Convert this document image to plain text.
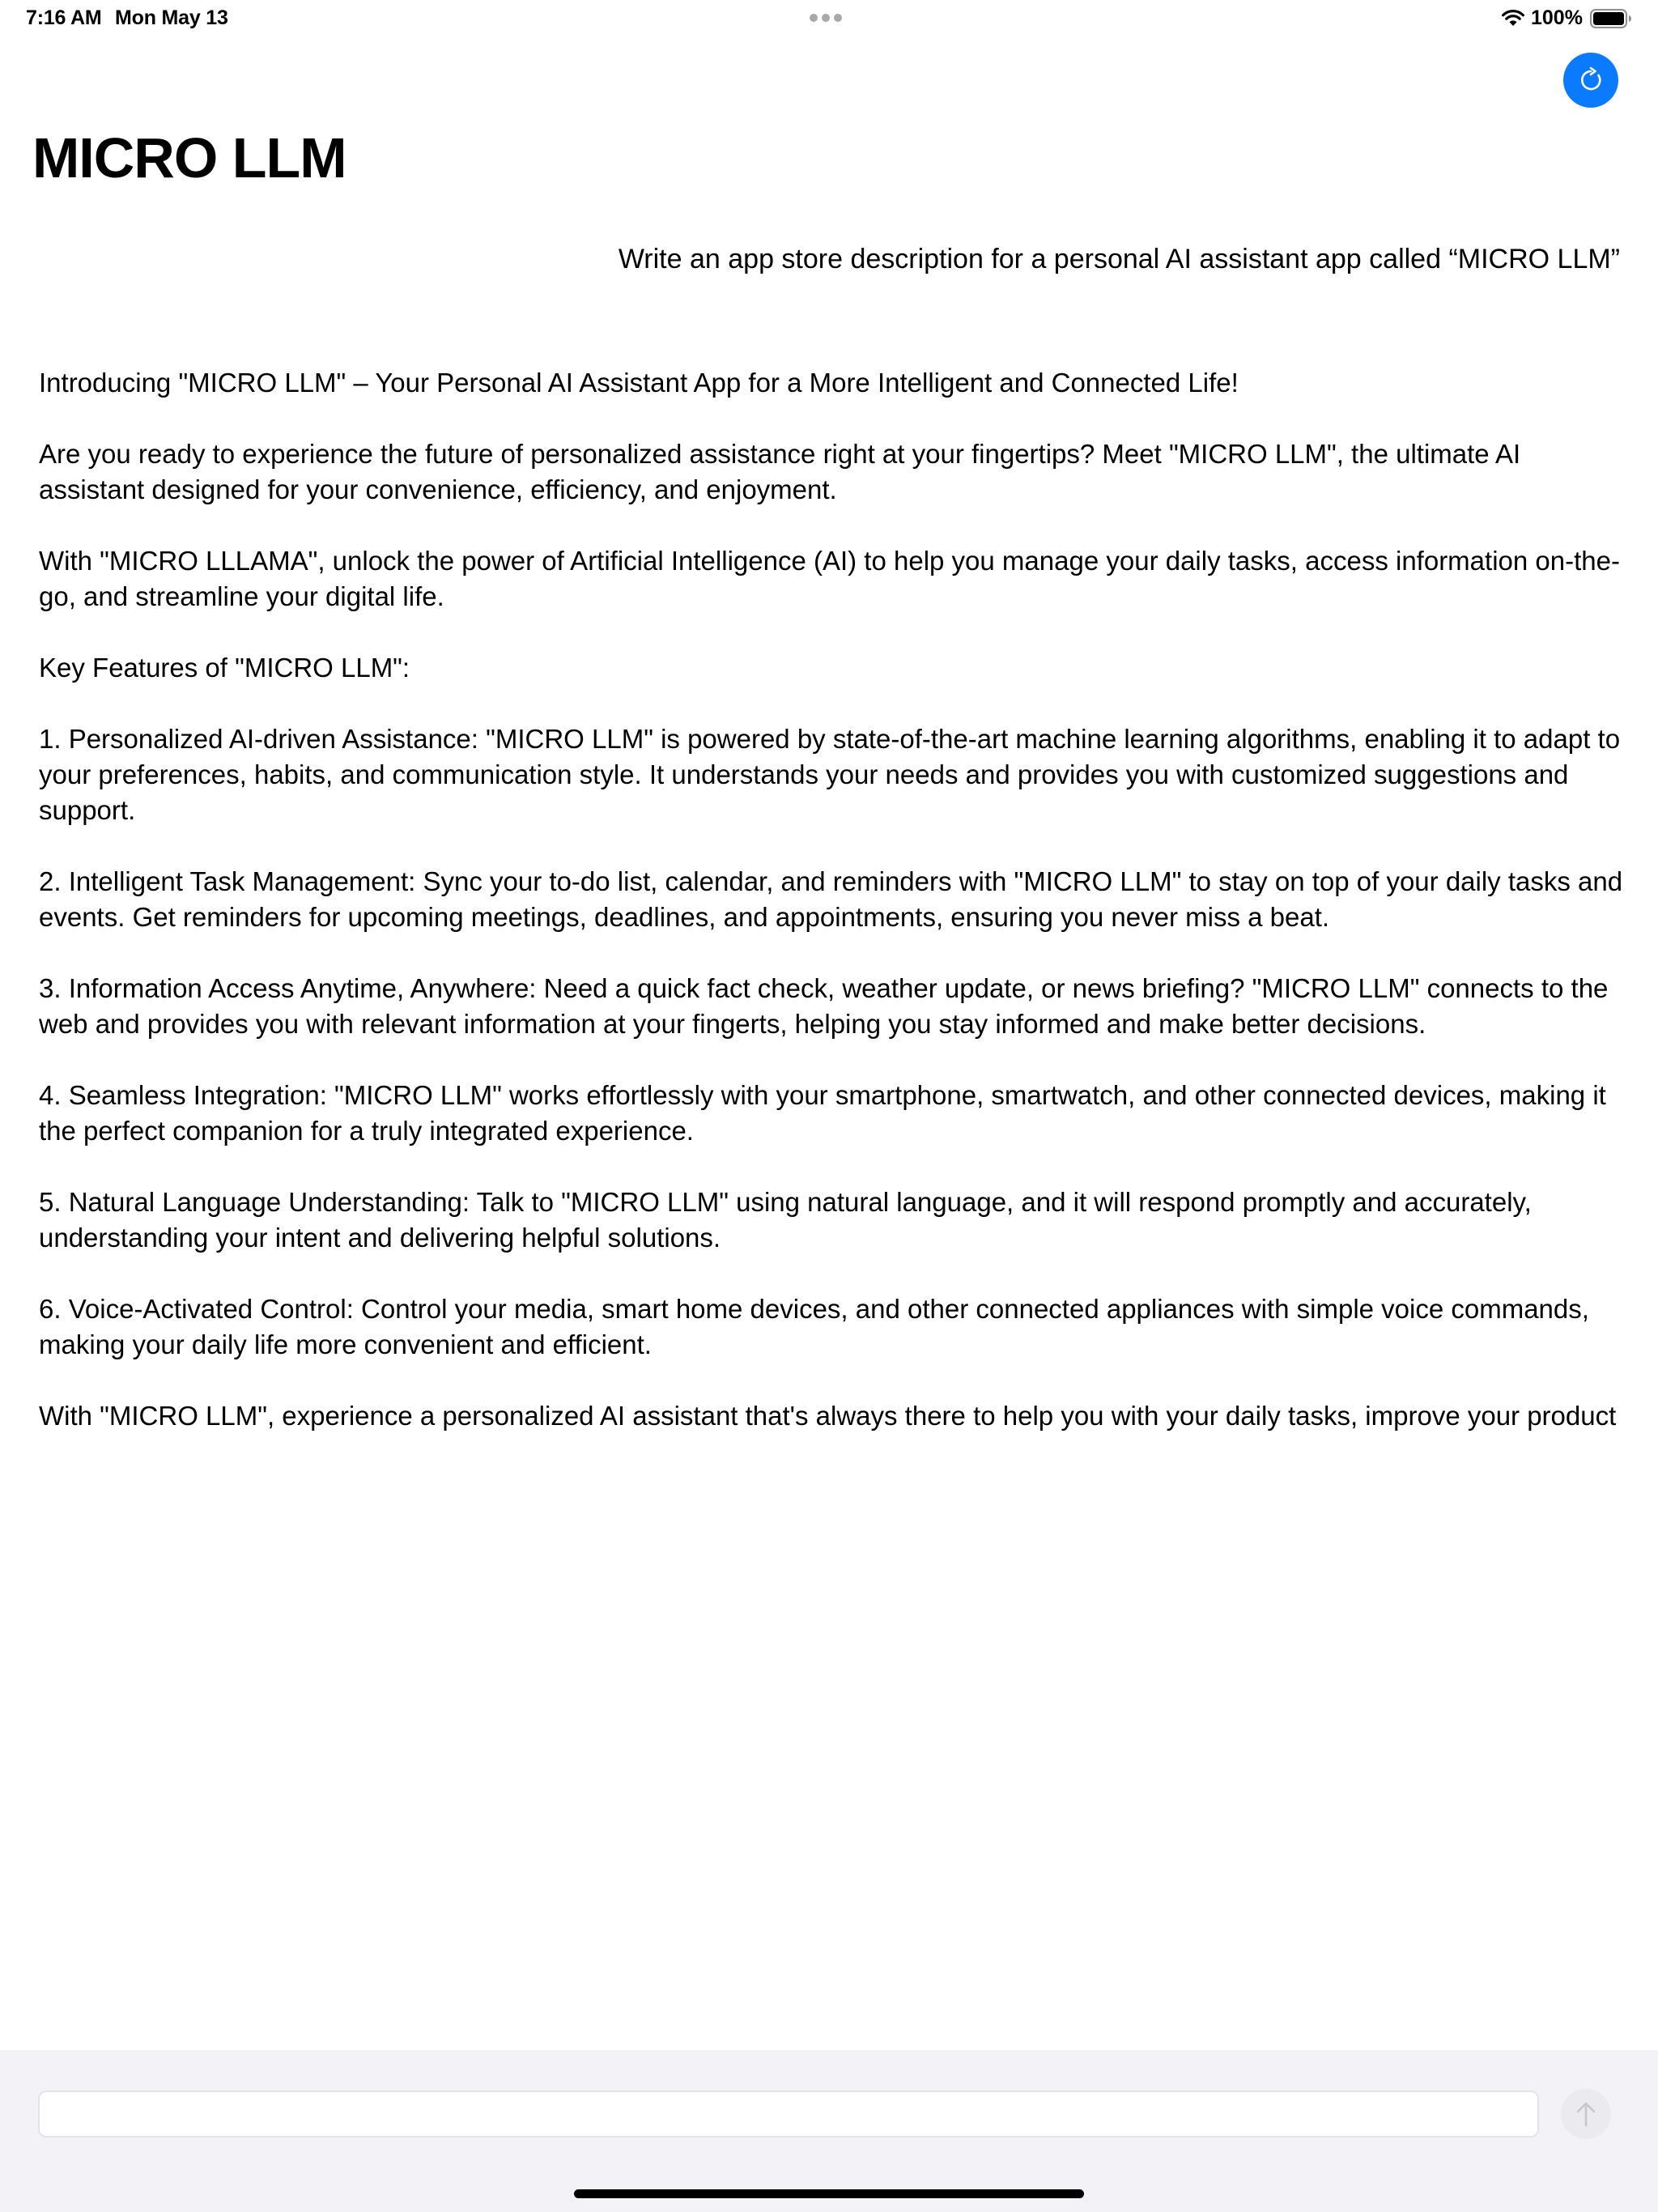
7:16 AM Mon May 13	100%
MICRO LLM
Write an app store description for a personal AI assistant app called “MICRO LLM”

Introducing "MICRO LLM" – Your Personal AI Assistant App for a More Intelligent and Connected Life!

Are you ready to experience the future of personalized assistance right at your fingertips? Meet "MICRO LLM", the ultimate AI assistant designed for your convenience, efficiency, and enjoyment.

With "MICRO LLLAMA", unlock the power of Artificial Intelligence (AI) to help you manage your daily tasks, access information on-the-go, and streamline your digital life.

Key Features of "MICRO LLM":

1. Personalized AI-driven Assistance: "MICRO LLM" is powered by state-of-the-art machine learning algorithms, enabling it to adapt to your preferences, habits, and communication style. It understands your needs and provides you with customized suggestions and support.

2. Intelligent Task Management: Sync your to-do list, calendar, and reminders with "MICRO LLM" to stay on top of your daily tasks and events. Get reminders for upcoming meetings, deadlines, and appointments, ensuring you never miss a beat.

3. Information Access Anytime, Anywhere: Need a quick fact check, weather update, or news briefing? "MICRO LLM" connects to the web and provides you with relevant information at your fingerts, helping you stay informed and make better decisions.

4. Seamless Integration: "MICRO LLM" works effortlessly with your smartphone, smartwatch, and other connected devices, making it the perfect companion for a truly integrated experience.

5. Natural Language Understanding: Talk to "MICRO LLM" using natural language, and it will respond promptly and accurately, understanding your intent and delivering helpful solutions.

6. Voice-Activated Control: Control your media, smart home devices, and other connected appliances with simple voice commands, making your daily life more convenient and efficient.

With "MICRO LLM", experience a personalized AI assistant that's always there to help you with your daily tasks, improve your product
